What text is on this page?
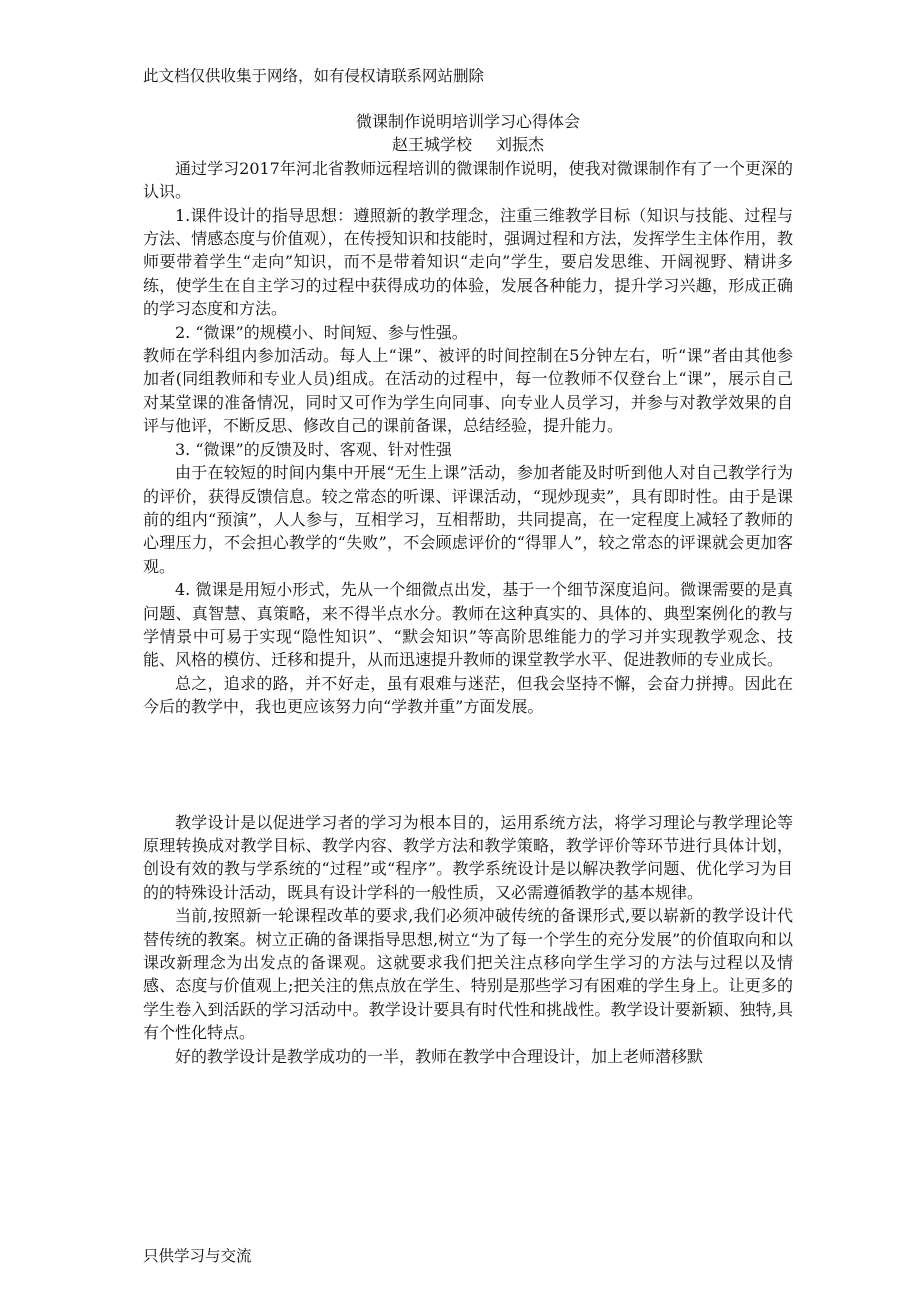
此文档仅供收集于网络，如有侵权请联系网站删除

微课制作说明培训学习心得体会

赵王城学校 刘振杰

通过学习2017年河北省教师远程培训的微课制作说明，使我对微课制作有了一个更深的认识。

1.课件设计的指导思想：遵照新的教学理念，注重三维教学目标（知识与技能、过程与方法、情感态度与价值观），在传授知识和技能时，强调过程和方法，发挥学生主体作用，教师要带着学生“走向”知识，而不是带着知识“走向”学生，要启发思维、开阔视野、精讲多练，使学生在自主学习的过程中获得成功的体验，发展各种能力，提升学习兴趣，形成正确的学习态度和方法。

2. “微课”的规模小、时间短、参与性强。

教师在学科组内参加活动。每人上“课”、被评的时间控制在5分钟左右，听“课”者由其他参加者(同组教师和专业人员)组成。在活动的过程中，每一位教师不仅登台上“课”，展示自己对某堂课的准备情况，同时又可作为学生向同事、向专业人员学习，并参与对教学效果的自评与他评，不断反思、修改自己的课前备课，总结经验，提升能力。

3. “微课”的反馈及时、客观、针对性强

由于在较短的时间内集中开展“无生上课”活动，参加者能及时听到他人对自己教学行为的评价，获得反馈信息。较之常态的听课、评课活动，“现炒现卖”，具有即时性。由于是课前的组内“预演”，人人参与，互相学习，互相帮助，共同提高，在一定程度上减轻了教师的心理压力，不会担心教学的“失败”，不会顾虑评价的“得罪人”，较之常态的评课就会更加客观。

4. 微课是用短小形式，先从一个细微点出发，基于一个细节深度追问。微课需要的是真问题、真智慧、真策略，来不得半点水分。教师在这种真实的、具体的、典型案例化的教与学情景中可易于实现“隐性知识”、“默会知识”等高阶思维能力的学习并实现教学观念、技能、风格的模仿、迁移和提升，从而迅速提升教师的课堂教学水平、促进教师的专业成长。

总之，追求的路，并不好走，虽有艰难与迷茫，但我会坚持不懈，会奋力拼搏。因此在今后的教学中，我也更应该努力向“学教并重”方面发展。

教学设计是以促进学习者的学习为根本目的，运用系统方法，将学习理论与教学理论等原理转换成对教学目标、教学内容、教学方法和教学策略，教学评价等环节进行具体计划，创设有效的教与学系统的“过程”或“程序”。教学系统设计是以解决教学问题、优化学习为目的的特殊设计活动，既具有设计学科的一般性质，又必需遵循教学的基本规律。

当前,按照新一轮课程改革的要求,我们必须冲破传统的备课形式,要以崭新的教学设计代替传统的教案。树立正确的备课指导思想,树立“为了每一个学生的充分发展”的价值取向和以课改新理念为出发点的备课观。这就要求我们把关注点移向学生学习的方法与过程以及情感、态度与价值观上;把关注的焦点放在学生、特别是那些学习有困难的学生身上。让更多的学生卷入到活跃的学习活动中。教学设计要具有时代性和挑战性。教学设计要新颖、独特,具有个性化特点。

好的教学设计是教学成功的一半，教师在教学中合理设计，加上老师潜移默

只供学习与交流
